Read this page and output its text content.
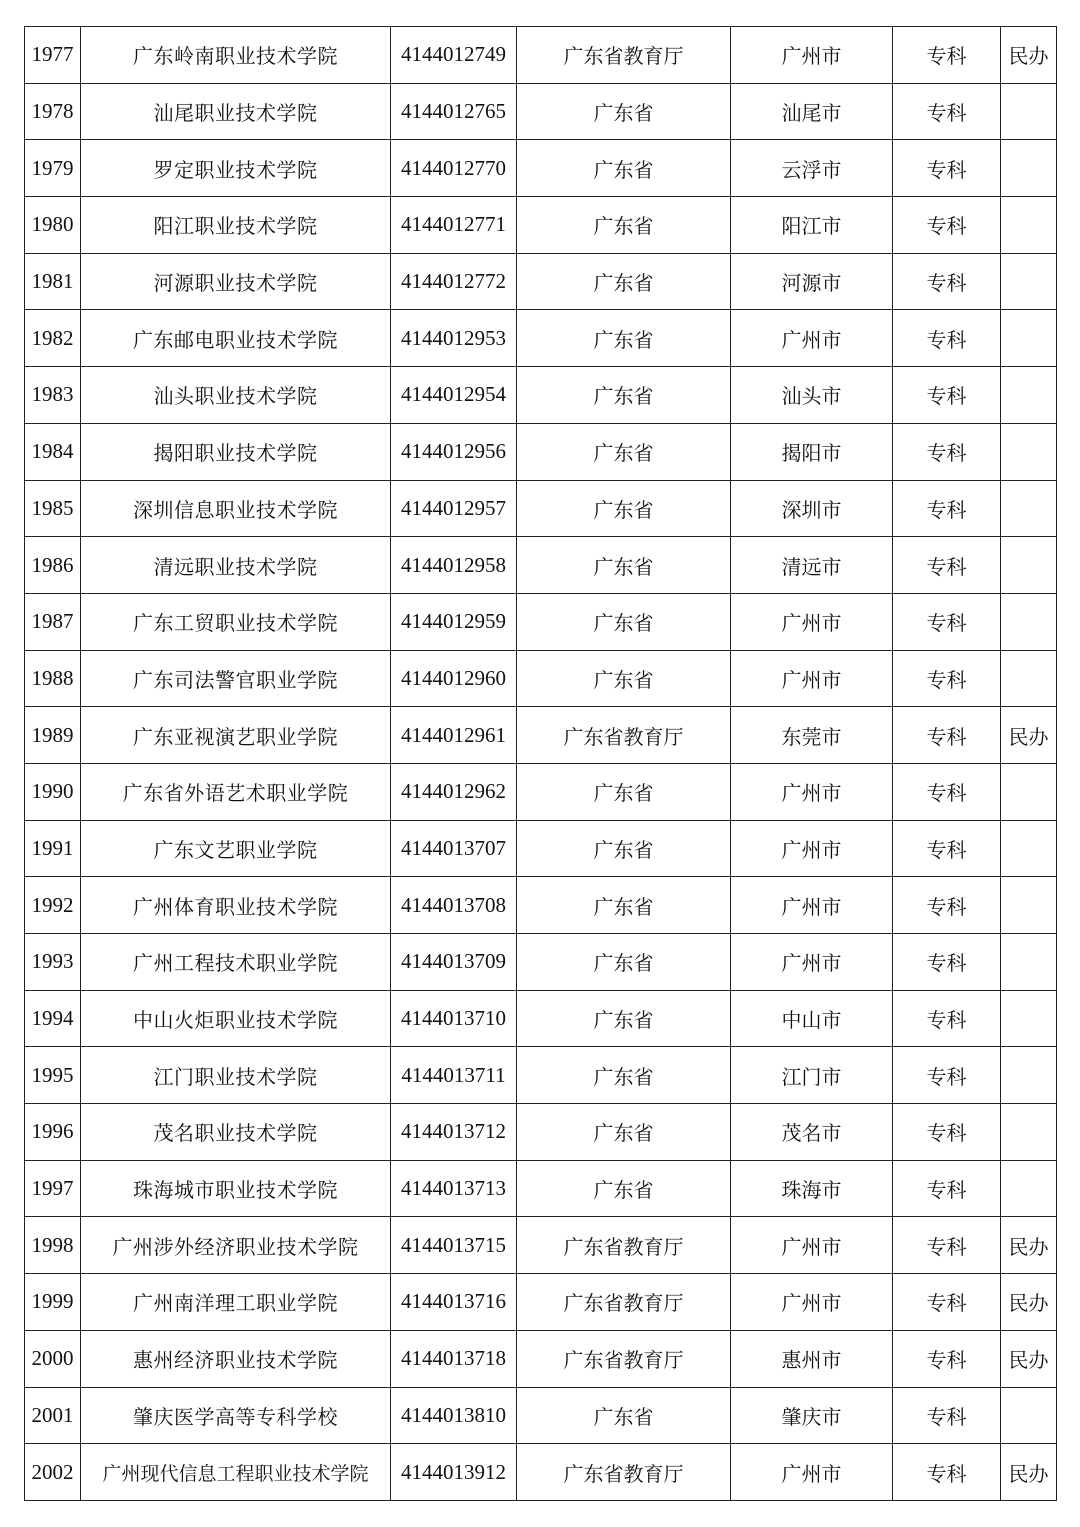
1977	广东岭南职业技术学院	4144012749	广东省教育厅	广州市	专科	民办
1978	汕尾职业技术学院	4144012765	广东省	汕尾市	专科	
1979	罗定职业技术学院	4144012770	广东省	云浮市	专科	
1980	阳江职业技术学院	4144012771	广东省	阳江市	专科	
1981	河源职业技术学院	4144012772	广东省	河源市	专科	
1982	广东邮电职业技术学院	4144012953	广东省	广州市	专科	
1983	汕头职业技术学院	4144012954	广东省	汕头市	专科	
1984	揭阳职业技术学院	4144012956	广东省	揭阳市	专科	
1985	深圳信息职业技术学院	4144012957	广东省	深圳市	专科	
1986	清远职业技术学院	4144012958	广东省	清远市	专科	
1987	广东工贸职业技术学院	4144012959	广东省	广州市	专科	
1988	广东司法警官职业学院	4144012960	广东省	广州市	专科	
1989	广东亚视演艺职业学院	4144012961	广东省教育厅	东莞市	专科	民办
1990	广东省外语艺术职业学院	4144012962	广东省	广州市	专科	
1991	广东文艺职业学院	4144013707	广东省	广州市	专科	
1992	广州体育职业技术学院	4144013708	广东省	广州市	专科	
1993	广州工程技术职业学院	4144013709	广东省	广州市	专科	
1994	中山火炬职业技术学院	4144013710	广东省	中山市	专科	
1995	江门职业技术学院	4144013711	广东省	江门市	专科	
1996	茂名职业技术学院	4144013712	广东省	茂名市	专科	
1997	珠海城市职业技术学院	4144013713	广东省	珠海市	专科	
1998	广州涉外经济职业技术学院	4144013715	广东省教育厅	广州市	专科	民办
1999	广州南洋理工职业学院	4144013716	广东省教育厅	广州市	专科	民办
2000	惠州经济职业技术学院	4144013718	广东省教育厅	惠州市	专科	民办
2001	肇庆医学高等专科学校	4144013810	广东省	肇庆市	专科	
2002	广州现代信息工程职业技术学院	4144013912	广东省教育厅	广州市	专科	民办
